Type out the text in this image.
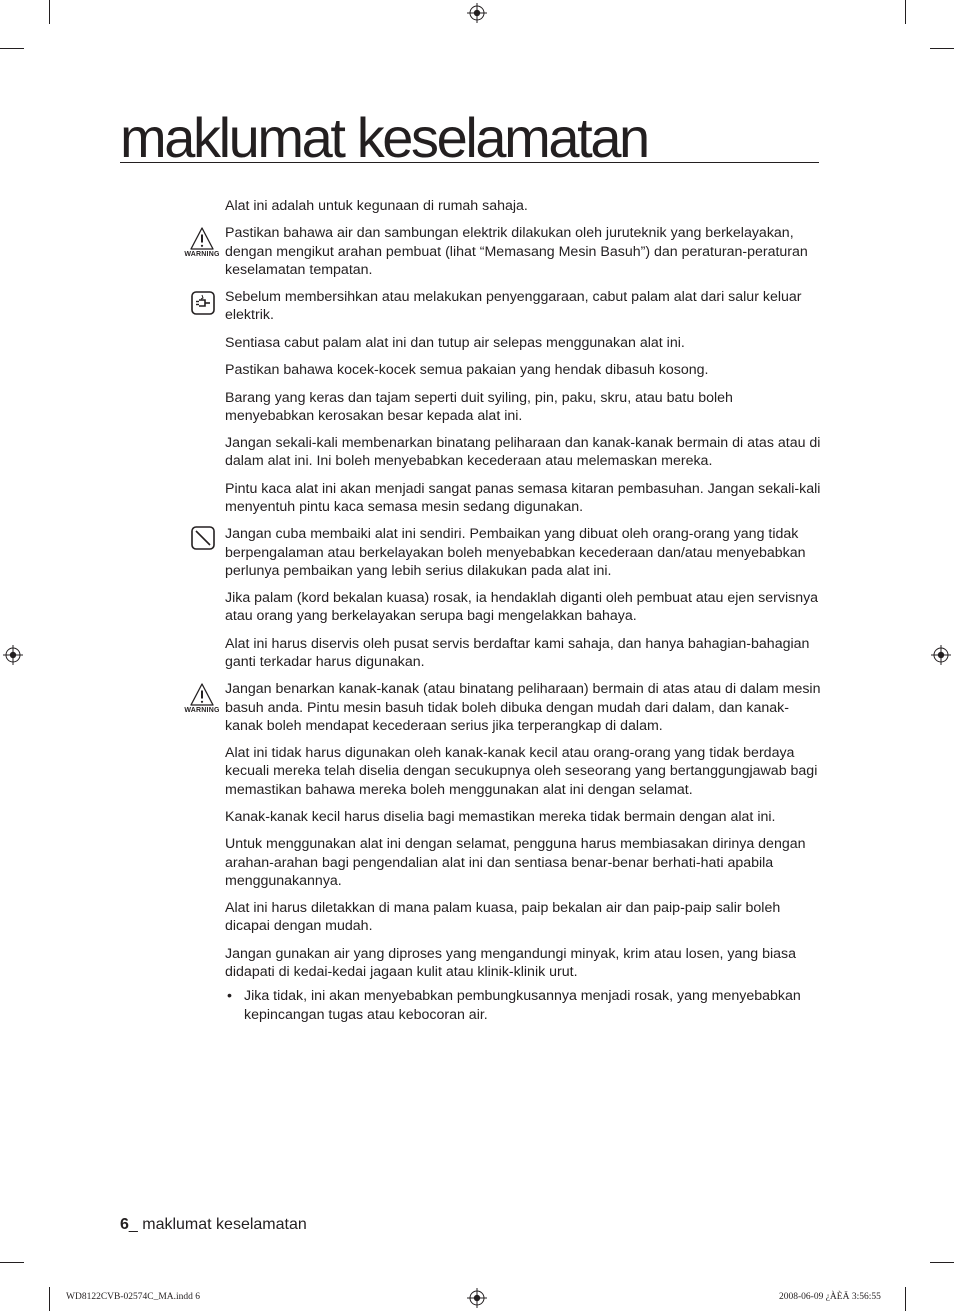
maklumat keselamatan
Alat ini adalah untuk kegunaan di rumah sahaja.
WARNING
Pastikan bahawa air dan sambungan elektrik dilakukan oleh juruteknik yang berkelayakan, dengan mengikut arahan pembuat (lihat “Memasang Mesin Basuh”) dan peraturan-peraturan keselamatan tempatan.
Sebelum membersihkan atau melakukan penyenggaraan, cabut palam alat dari salur keluar elektrik.
Sentiasa cabut palam alat ini dan tutup air selepas menggunakan alat ini.
Pastikan bahawa kocek-kocek semua pakaian yang hendak dibasuh kosong.
Barang yang keras dan tajam seperti duit syiling, pin, paku, skru, atau batu boleh menyebabkan kerosakan besar kepada alat ini.
Jangan sekali-kali membenarkan binatang peliharaan dan kanak-kanak bermain di atas atau di dalam alat ini. Ini boleh menyebabkan kecederaan atau melemaskan mereka.
Pintu kaca alat ini akan menjadi sangat panas semasa kitaran pembasuhan. Jangan sekali-kali menyentuh pintu kaca semasa mesin sedang digunakan.
Jangan cuba membaiki alat ini sendiri. Pembaikan yang dibuat oleh orang-orang yang tidak berpengalaman atau berkelayakan boleh menyebabkan kecederaan dan/atau menyebabkan perlunya pembaikan yang lebih serius dilakukan pada alat ini.
Jika palam (kord bekalan kuasa) rosak, ia hendaklah diganti oleh pembuat atau ejen servisnya atau orang yang berkelayakan serupa bagi mengelakkan bahaya.
Alat ini harus diservis oleh pusat servis berdaftar kami sahaja, dan hanya bahagian-bahagian ganti terkadar harus digunakan.
WARNING
Jangan benarkan kanak-kanak (atau binatang peliharaan) bermain di atas atau di dalam mesin basuh anda. Pintu mesin basuh tidak boleh dibuka dengan mudah dari dalam, dan kanak-kanak boleh mendapat kecederaan serius jika terperangkap di dalam.
Alat ini tidak harus digunakan oleh kanak-kanak kecil atau orang-orang yang tidak berdaya kecuali mereka telah diselia dengan secukupnya oleh seseorang yang bertanggungjawab bagi memastikan bahawa mereka boleh menggunakan alat ini dengan selamat.
Kanak-kanak kecil harus diselia bagi memastikan mereka tidak bermain dengan alat ini.
Untuk menggunakan alat ini dengan selamat, pengguna harus membiasakan dirinya dengan arahan-arahan bagi pengendalian alat ini dan sentiasa benar-benar berhati-hati apabila menggunakannya.
Alat ini harus diletakkan di mana palam kuasa, paip bekalan air dan paip-paip salir boleh dicapai dengan mudah.
Jangan gunakan air yang diproses yang mengandungi minyak, krim atau losen, yang biasa didapati di kedai-kedai jagaan kulit atau klinik-klinik urut.
• Jika tidak, ini akan menyebabkan pembungkusannya menjadi rosak, yang menyebabkan kepincangan tugas atau kebocoran air.
6_ maklumat keselamatan
WD8122CVB-02574C_MA.indd 6	2008-06-09 ¿ÀÈÄ 3:56:55
